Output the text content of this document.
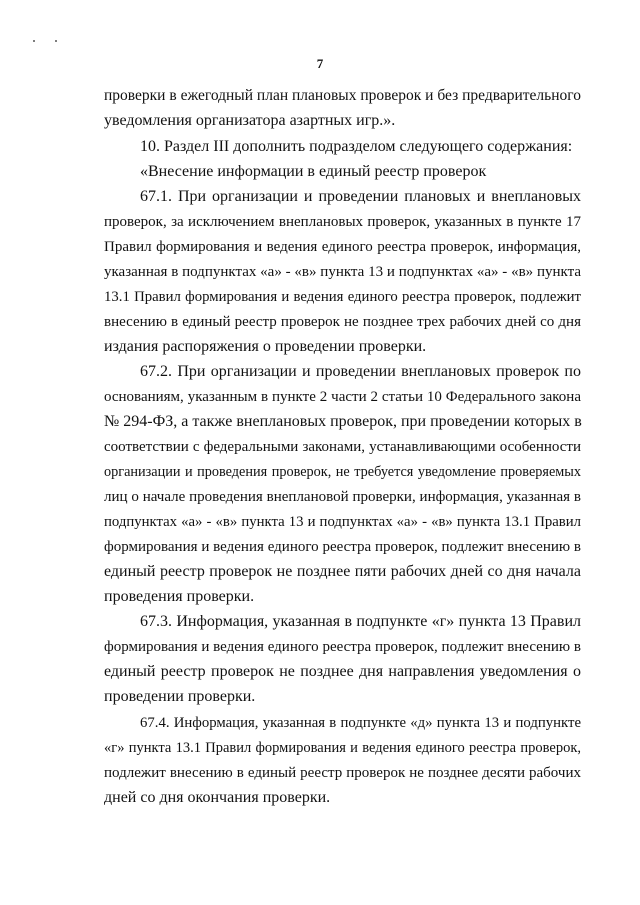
7
проверки в ежегодный план плановых проверок и без предварительного
уведомления организатора азартных игр.».
10. Раздел III дополнить подразделом следующего содержания:
«Внесение информации в единый реестр проверок
67.1. При организации и проведении плановых и внеплановых
проверок, за исключением внеплановых проверок, указанных в пункте 17
Правил формирования и ведения единого реестра проверок, информация,
указанная в подпунктах «а» - «в» пункта 13 и подпунктах «а» - «в» пункта
13.1 Правил формирования и ведения единого реестра проверок, подлежит
внесению в единый реестр проверок не позднее трех рабочих дней со дня
издания распоряжения о проведении проверки.
67.2. При организации и проведении внеплановых проверок по
основаниям, указанным в пункте 2 части 2 статьи 10 Федерального закона
№ 294-ФЗ, а также внеплановых проверок, при проведении которых в
соответствии с федеральными законами, устанавливающими особенности
организации и проведения проверок, не требуется уведомление проверяемых
лиц о начале проведения внеплановой проверки, информация, указанная в
подпунктах «а» - «в» пункта 13 и подпунктах «а» - «в» пункта 13.1 Правил
формирования и ведения единого реестра проверок, подлежит внесению в
единый реестр проверок не позднее пяти рабочих дней со дня начала
проведения проверки.
67.3. Информация, указанная в подпункте «г» пункта 13 Правил
формирования и ведения единого реестра проверок, подлежит внесению в
единый реестр проверок не позднее дня направления уведомления о
проведении проверки.
67.4. Информация, указанная в подпункте «д» пункта 13 и подпункте
«г» пункта 13.1 Правил формирования и ведения единого реестра проверок,
подлежит внесению в единый реестр проверок не позднее десяти рабочих
дней со дня окончания проверки.
